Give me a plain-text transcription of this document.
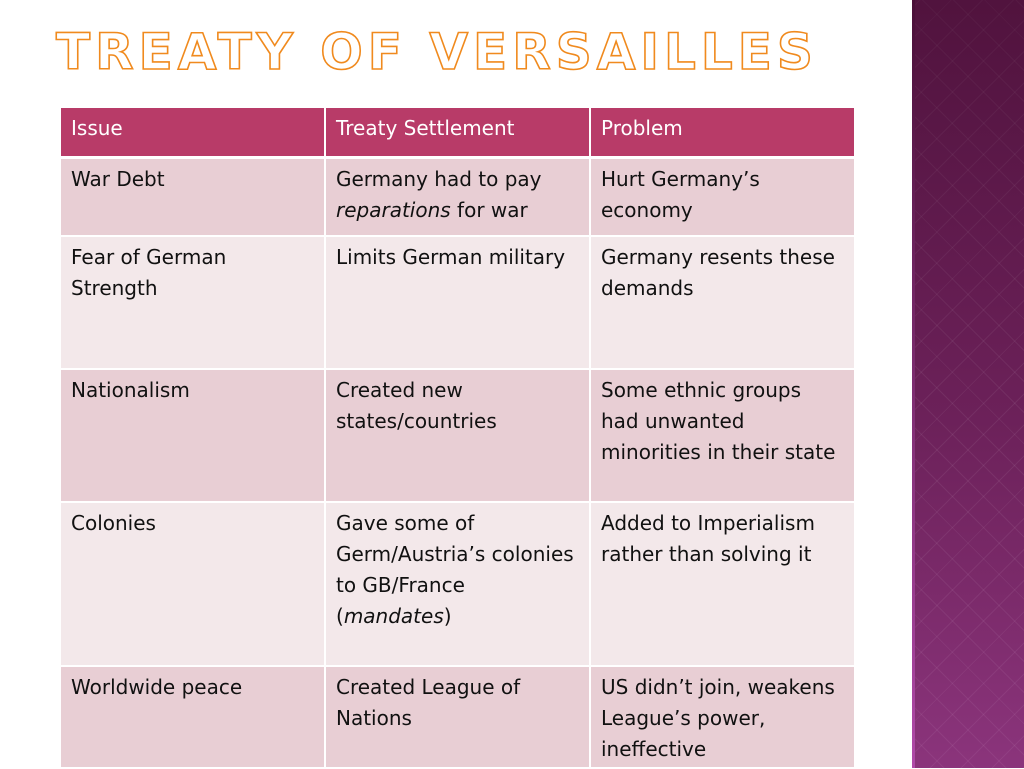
TREATY OF VERSAILLES
Issue	Treaty Settlement	Problem
War Debt	Germany had to pay reparations for war	Hurt Germany’s economy
Fear of German Strength	Limits German military	Germany resents these demands
Nationalism	Created new states/countries	Some ethnic groups had unwanted minorities in their state
Colonies	Gave some of Germ/Austria’s colonies to GB/France (mandates)	Added to Imperialism rather than solving it
Worldwide peace	Created League of Nations	US didn’t join, weakens League’s power, ineffective
